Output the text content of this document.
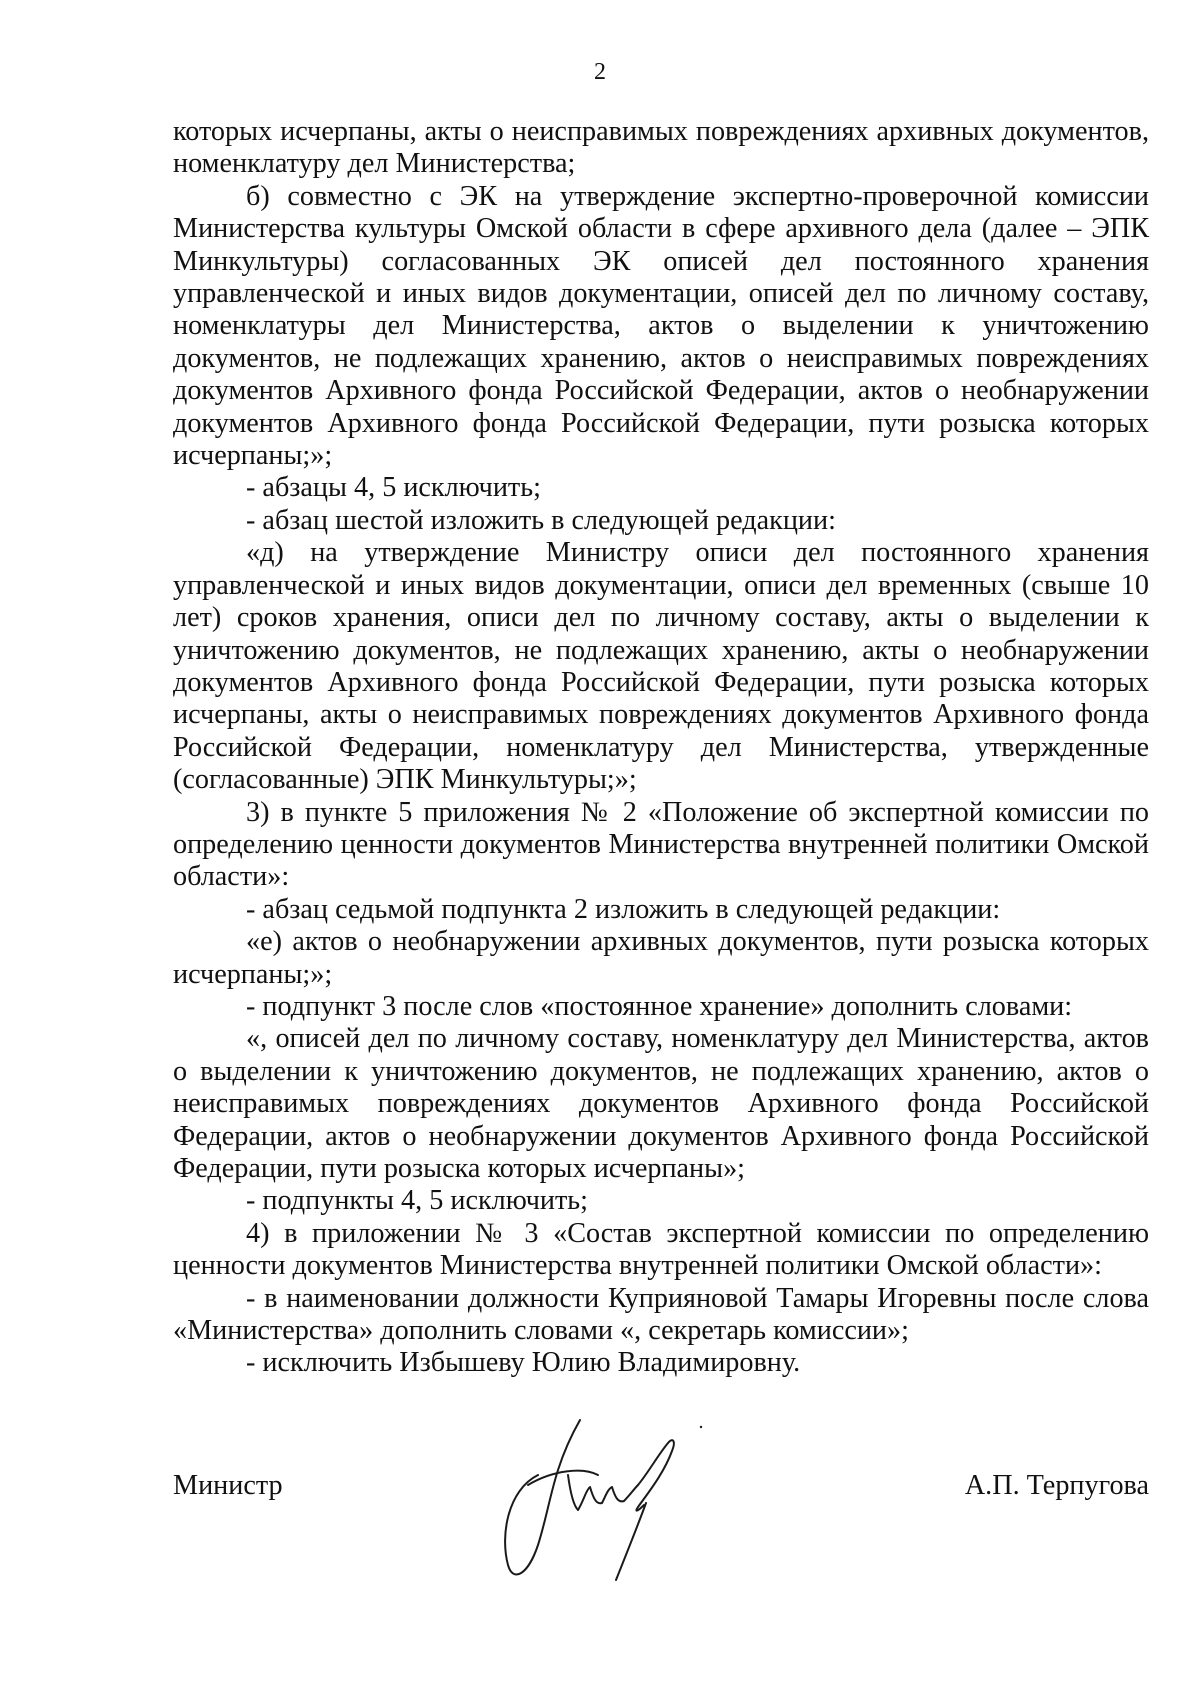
2

которых исчерпаны, акты о неисправимых повреждениях архивных документов, номенклатуру дел Министерства;

б) совместно с ЭК на утверждение экспертно-проверочной комиссии Министерства культуры Омской области в сфере архивного дела (далее – ЭПК Минкультуры) согласованных ЭК описей дел постоянного хранения управленческой и иных видов документации, описей дел по личному составу, номенклатуры дел Министерства, актов о выделении к уничтожению документов, не подлежащих хранению, актов о неисправимых повреждениях документов Архивного фонда Российской Федерации, актов о необнаружении документов Архивного фонда Российской Федерации, пути розыска которых исчерпаны;»;

- абзацы 4, 5 исключить;

- абзац шестой изложить в следующей редакции:

«д) на утверждение Министру описи дел постоянного хранения управленческой и иных видов документации, описи дел временных (свыше 10 лет) сроков хранения, описи дел по личному составу, акты о выделении к уничтожению документов, не подлежащих хранению, акты о необнаружении документов Архивного фонда Российской Федерации, пути розыска которых исчерпаны, акты о неисправимых повреждениях документов Архивного фонда Российской Федерации, номенклатуру дел Министерства, утвержденные (согласованные) ЭПК Минкультуры;»;

3) в пункте 5 приложения № 2 «Положение об экспертной комиссии по определению ценности документов Министерства внутренней политики Омской области»:

- абзац седьмой подпункта 2 изложить в следующей редакции:

«е) актов о необнаружении архивных документов, пути розыска которых исчерпаны;»;

- подпункт 3 после слов «постоянное хранение» дополнить словами:

«, описей дел по личному составу, номенклатуру дел Министерства, актов о выделении к уничтожению документов, не подлежащих хранению, актов о неисправимых повреждениях документов Архивного фонда Российской Федерации, актов о необнаружении документов Архивного фонда Российской Федерации, пути розыска которых исчерпаны»;

- подпункты 4, 5 исключить;

4) в приложении № 3 «Состав экспертной комиссии по определению ценности документов Министерства внутренней политики Омской области»:

- в наименовании должности Куприяновой Тамары Игоревны после слова «Министерства» дополнить словами «, секретарь комиссии»;

- исключить Избышеву Юлию Владимировну.

Министр	А.П. Терпугова
